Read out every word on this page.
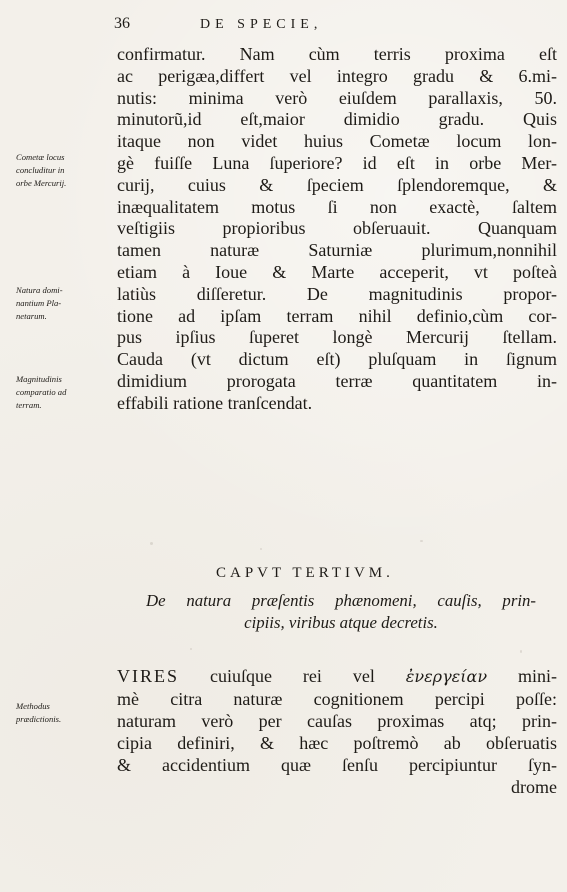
36	DE SPECIE,
confirmatur. Nam cùm terris proxima eſt
ac perigæa,differt vel integro gradu & 6.mi-
nutis: minima verò eiuſdem parallaxis, 50.
minutorũ,id eſt,maior dimidio gradu. Quis
itaque non videt huius Cometæ locum lon-
gè fuiſſe Luna ſuperiore? id eſt in orbe Mer-
curij, cuius & ſpeciem ſplendoremque, &
inæqualitatem motus ſi non exactè, ſaltem
veſtigiis propioribus obſeruauit. Quanquam
tamen naturæ Saturniæ plurimum,nonnihil
etiam à Ioue & Marte acceperit, vt poſteà
latiùs diſſeretur. De magnitudinis propor-
tione ad ipſam terram nihil definio,cùm cor-
pus ipſius ſuperet longè Mercurij ſtellam.
Cauda (vt dictum eſt) pluſquam in ſignum
dimidium prorogata terræ quantitatem in-
effabili ratione tranſcendat.
Cometæ locus
concluditur in
orbe Mercurij.
Natura domi-
nantium Pla-
netarum.
Magnitudinis
comparatio ad
terram.
Methodus
prædictionis.
CAPVT TERTIVM.
De natura præſentis phænomeni, cauſis, prin-
cipiis, viribus atque decretis.
VIRES cuiuſque rei vel ἐνεργείαν mini-
mè citra naturæ cognitionem percipi poſſe:
naturam verò per cauſas proximas atq; prin-
cipia definiri, & hæc poſtremò ab obſeruatis
& accidentium quæ ſenſu percipiuntur ſyn-
drome
